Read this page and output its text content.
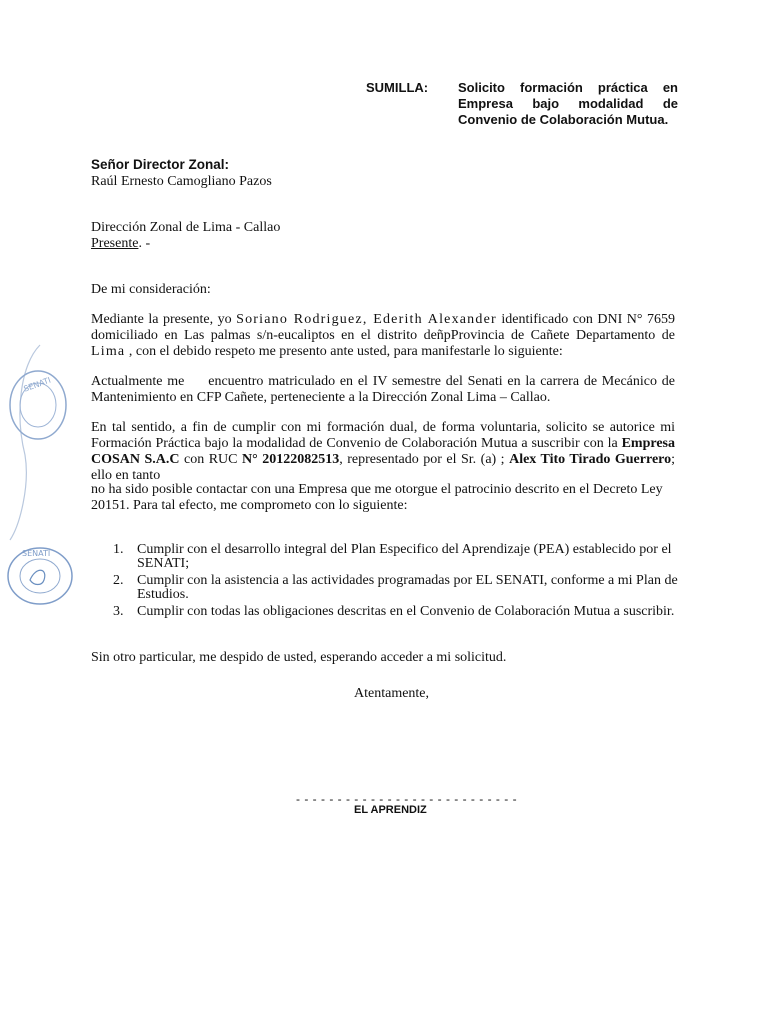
SENATI
SENATI
SUMILLA: Solicito formación práctica en Empresa bajo modalidad de Convenio de Colaboración Mutua.
Señor Director Zonal:
Raúl Ernesto Camogliano Pazos
Dirección Zonal de Lima - Callao
Presente. -
De mi consideración:
Mediante la presente, yo Soriano Rodriguez, Ederith Alexander identificado con DNI N° 7659 domiciliado en Las palmas s/n-eucaliptos en el distrito deñpProvincia de Cañete Departamento de Lima , con el debido respeto me presento ante usted, para manifestarle lo siguiente:
Actualmente me     encuentro matriculado en el IV semestre del Senati en la carrera de Mecánico de Mantenimiento en CFP Cañete, perteneciente a la Dirección Zonal Lima – Callao.
En tal sentido, a fin de cumplir con mi formación dual, de forma voluntaria, solicito se autorice mi Formación Práctica bajo la modalidad de Convenio de Colaboración Mutua a suscribir con la Empresa COSAN S.A.C con RUC N° 20122082513, representado por el Sr. (a) ; Alex Tito Tirado Guerrero; ello en tanto
no ha sido posible contactar con una Empresa que me otorgue el patrocinio descrito en el Decreto Ley 20151. Para tal efecto, me comprometo con lo siguiente:
1. Cumplir con el desarrollo integral del Plan Especifico del Aprendizaje (PEA) establecido por el SENATI;
2. Cumplir con la asistencia a las actividades programadas por EL SENATI, conforme a mi Plan de Estudios.
3. Cumplir con todas las obligaciones descritas en el Convenio de Colaboración Mutua a suscribir.
Sin otro particular, me despido de usted, esperando acceder a mi solicitud.
Atentamente,
- - - - - - - - - - - - - - - - - - - - - - - - - - -
EL APRENDIZ
